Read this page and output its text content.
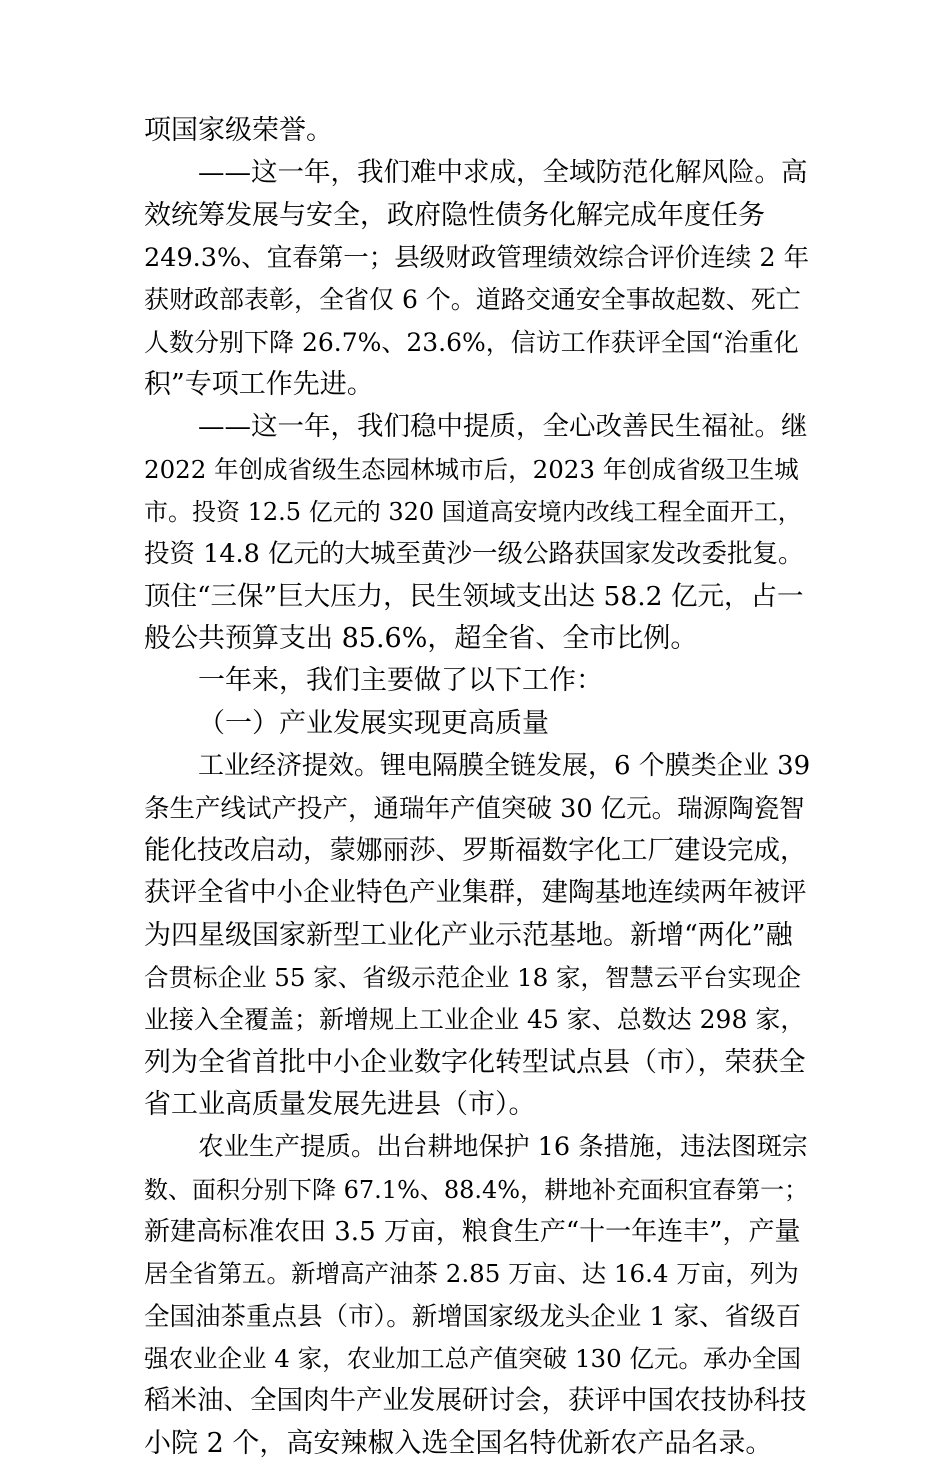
项国家级荣誉。
——这一年，我们难中求成，全域防范化解风险。高
效统筹发展与安全，政府隐性债务化解完成年度任务
249.3%、宜春第一；县级财政管理绩效综合评价连续 2 年
获财政部表彰，全省仅 6 个。道路交通安全事故起数、死亡
人数分别下降 26.7%、23.6%，信访工作获评全国“治重化
积”专项工作先进。
——这一年，我们稳中提质，全心改善民生福祉。继
2022 年创成省级生态园林城市后，2023 年创成省级卫生城
市。投资 12.5 亿元的 320 国道高安境内改线工程全面开工，
投资 14.8 亿元的大城至黄沙一级公路获国家发改委批复。
顶住“三保”巨大压力，民生领域支出达 58.2 亿元，占一
般公共预算支出 85.6%，超全省、全市比例。
一年来，我们主要做了以下工作：
（一）产业发展实现更高质量
工业经济提效。锂电隔膜全链发展，6 个膜类企业 39
条生产线试产投产，通瑞年产值突破 30 亿元。瑞源陶瓷智
能化技改启动，蒙娜丽莎、罗斯福数字化工厂建设完成，
获评全省中小企业特色产业集群，建陶基地连续两年被评
为四星级国家新型工业化产业示范基地。新增“两化”融
合贯标企业 55 家、省级示范企业 18 家，智慧云平台实现企
业接入全覆盖；新增规上工业企业 45 家、总数达 298 家，
列为全省首批中小企业数字化转型试点县（市），荣获全
省工业高质量发展先进县（市）。
农业生产提质。出台耕地保护 16 条措施，违法图斑宗
数、面积分别下降 67.1%、88.4%，耕地补充面积宜春第一；
新建高标准农田 3.5 万亩，粮食生产“十一年连丰”，产量
居全省第五。新增高产油茶 2.85 万亩、达 16.4 万亩，列为
全国油茶重点县（市）。新增国家级龙头企业 1 家、省级百
强农业企业 4 家，农业加工总产值突破 130 亿元。承办全国
稻米油、全国肉牛产业发展研讨会，获评中国农技协科技
小院 2 个，高安辣椒入选全国名特优新农产品名录。
